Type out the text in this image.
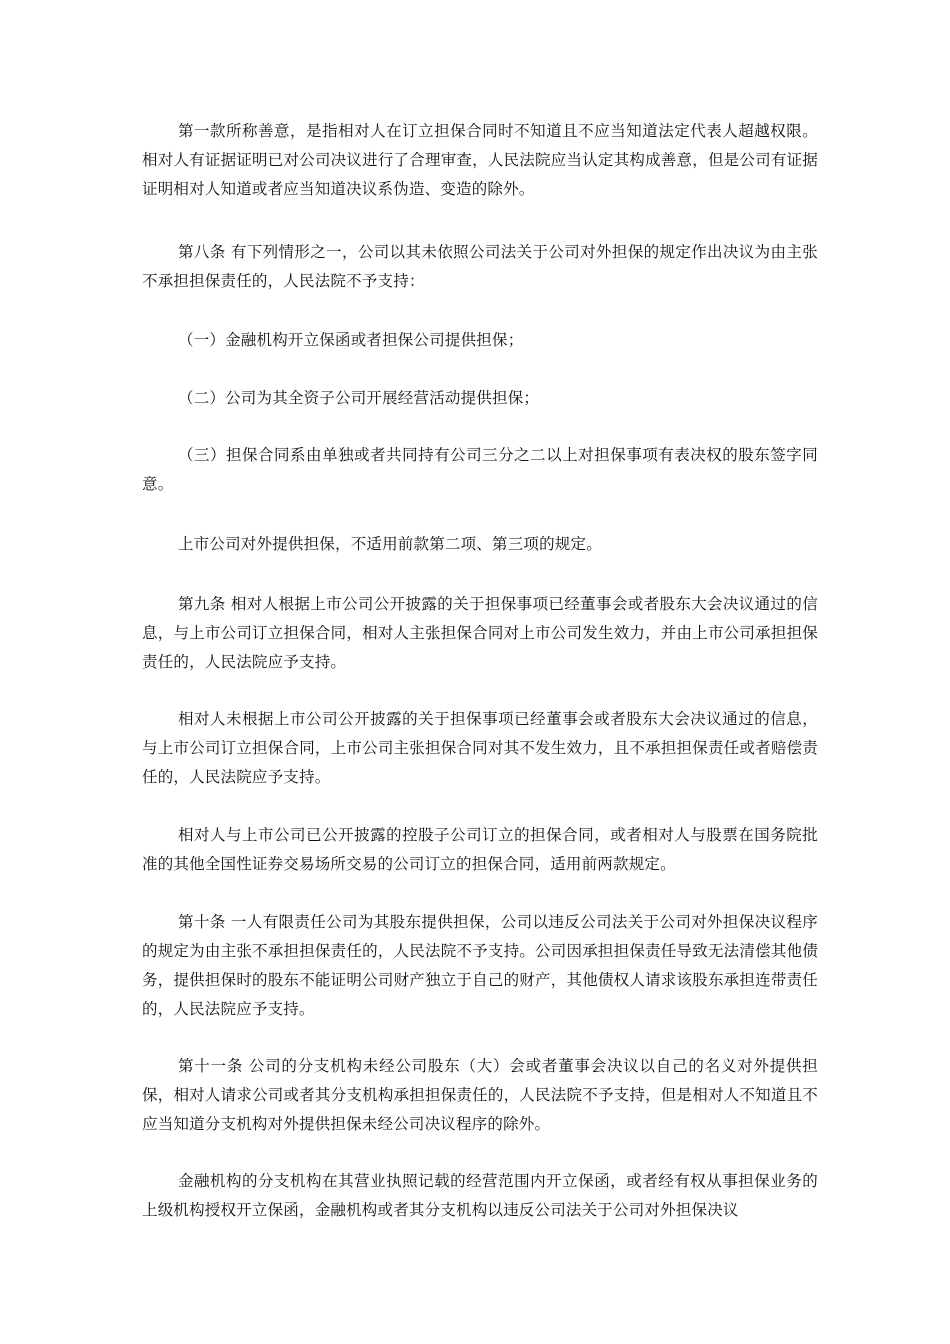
第一款所称善意，是指相对人在订立担保合同时不知道且不应当知道法定代表人超越权限。相对人有证据证明已对公司决议进行了合理审查，人民法院应当认定其构成善意，但是公司有证据证明相对人知道或者应当知道决议系伪造、变造的除外。

第八条 有下列情形之一，公司以其未依照公司法关于公司对外担保的规定作出决议为由主张不承担担保责任的，人民法院不予支持：

（一）金融机构开立保函或者担保公司提供担保；

（二）公司为其全资子公司开展经营活动提供担保；

（三）担保合同系由单独或者共同持有公司三分之二以上对担保事项有表决权的股东签字同意。

上市公司对外提供担保，不适用前款第二项、第三项的规定。

第九条 相对人根据上市公司公开披露的关于担保事项已经董事会或者股东大会决议通过的信息，与上市公司订立担保合同，相对人主张担保合同对上市公司发生效力，并由上市公司承担担保责任的，人民法院应予支持。

相对人未根据上市公司公开披露的关于担保事项已经董事会或者股东大会决议通过的信息，与上市公司订立担保合同，上市公司主张担保合同对其不发生效力，且不承担担保责任或者赔偿责任的，人民法院应予支持。

相对人与上市公司已公开披露的控股子公司订立的担保合同，或者相对人与股票在国务院批准的其他全国性证券交易场所交易的公司订立的担保合同，适用前两款规定。

第十条 一人有限责任公司为其股东提供担保，公司以违反公司法关于公司对外担保决议程序的规定为由主张不承担担保责任的，人民法院不予支持。公司因承担担保责任导致无法清偿其他债务，提供担保时的股东不能证明公司财产独立于自己的财产，其他债权人请求该股东承担连带责任的，人民法院应予支持。

第十一条 公司的分支机构未经公司股东（大）会或者董事会决议以自己的名义对外提供担保，相对人请求公司或者其分支机构承担担保责任的，人民法院不予支持，但是相对人不知道且不应当知道分支机构对外提供担保未经公司决议程序的除外。

金融机构的分支机构在其营业执照记载的经营范围内开立保函，或者经有权从事担保业务的上级机构授权开立保函，金融机构或者其分支机构以违反公司法关于公司对外担保决议
